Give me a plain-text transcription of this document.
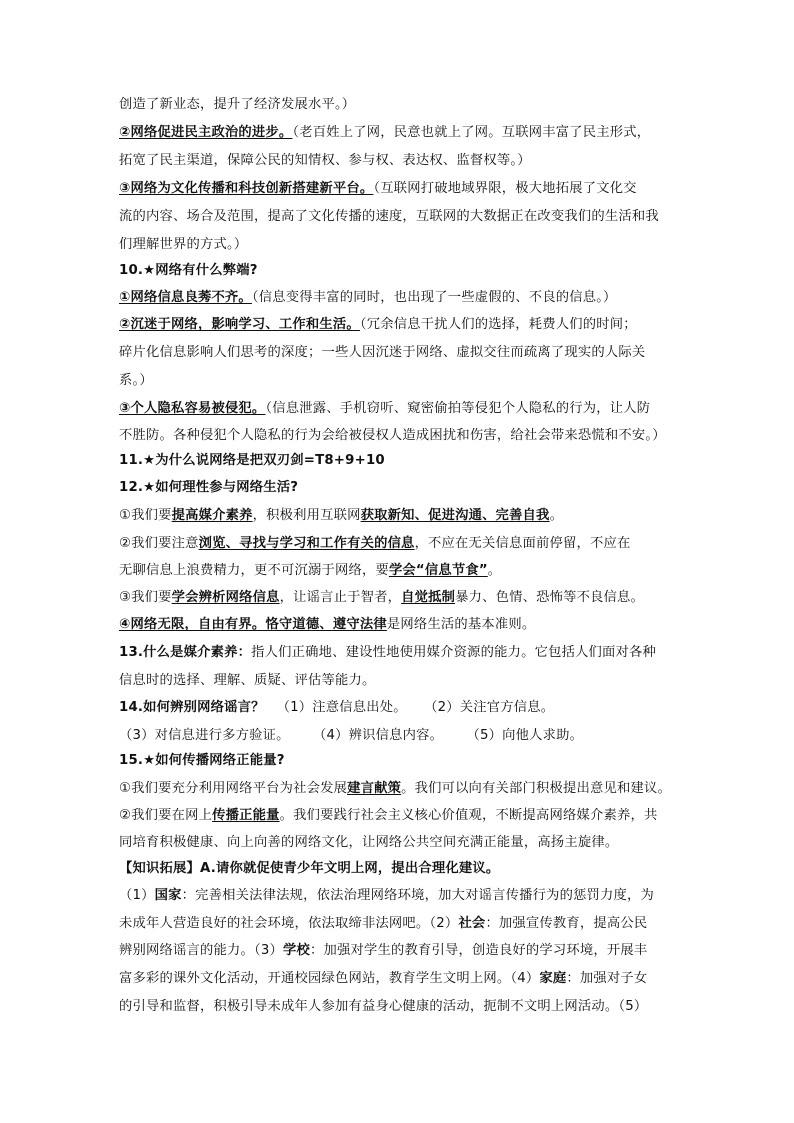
创造了新业态，提升了经济发展水平。）
②网络促进民主政治的进步。（老百姓上了网，民意也就上了网。互联网丰富了民主形式，
拓宽了民主渠道，保障公民的知情权、参与权、表达权、监督权等。）
③网络为文化传播和科技创新搭建新平台。（互联网打破地域界限，极大地拓展了文化交
流的内容、场合及范围，提高了文化传播的速度，互联网的大数据正在改变我们的生活和我
们理解世界的方式。）
10.★网络有什么弊端?
①网络信息良莠不齐。（信息变得丰富的同时，也出现了一些虚假的、不良的信息。）
②沉迷于网络，影响学习、工作和生活。（冗余信息干扰人们的选择，耗费人们的时间；
碎片化信息影响人们思考的深度；一些人因沉迷于网络、虚拟交往而疏离了现实的人际关
系。）
③个人隐私容易被侵犯。（信息泄露、手机窃听、窥密偷拍等侵犯个人隐私的行为，让人防
不胜防。各种侵犯个人隐私的行为会给被侵权人造成困扰和伤害，给社会带来恐慌和不安。）
11.★为什么说网络是把双刃剑=T8+9+10
12.★如何理性参与网络生活?
①我们要提高媒介素养，积极利用互联网获取新知、促进沟通、完善自我。
②我们要注意浏览、寻找与学习和工作有关的信息，不应在无关信息面前停留，不应在
无聊信息上浪费精力，更不可沉溺于网络，要学会“信息节食”。
③我们要学会辨析网络信息，让谣言止于智者，自觉抵制暴力、色情、恐怖等不良信息。
④网络无限，自由有界。恪守道德、遵守法律是网络生活的基本准则。
13.什么是媒介素养：指人们正确地、建设性地使用媒介资源的能力。它包括人们面对各种
信息时的选择、理解、质疑、评估等能力。
14.如何辨别网络谣言？ （1）注意信息出处。 （2）关注官方信息。
（3）对信息进行多方验证。 （4）辨识信息内容。 （5）向他人求助。
15.★如何传播网络正能量?
①我们要充分利用网络平台为社会发展建言献策。我们可以向有关部门积极提出意见和建议。
②我们要在网上传播正能量。我们要践行社会主义核心价值观，不断提高网络媒介素养，共
同培育积极健康、向上向善的网络文化，让网络公共空间充满正能量，高扬主旋律。
【知识拓展】A.请你就促使青少年文明上网，提出合理化建议。
（1）国家：完善相关法律法规，依法治理网络环境，加大对谣言传播行为的惩罚力度，为
未成年人营造良好的社会环境，依法取缔非法网吧。（2）社会：加强宣传教育，提高公民
辨别网络谣言的能力。（3）学校：加强对学生的教育引导，创造良好的学习环境，开展丰
富多彩的课外文化活动，开通校园绿色网站，教育学生文明上网。（4）家庭：加强对子女
的引导和监督，积极引导未成年人参加有益身心健康的活动，扼制不文明上网活动。（5）
